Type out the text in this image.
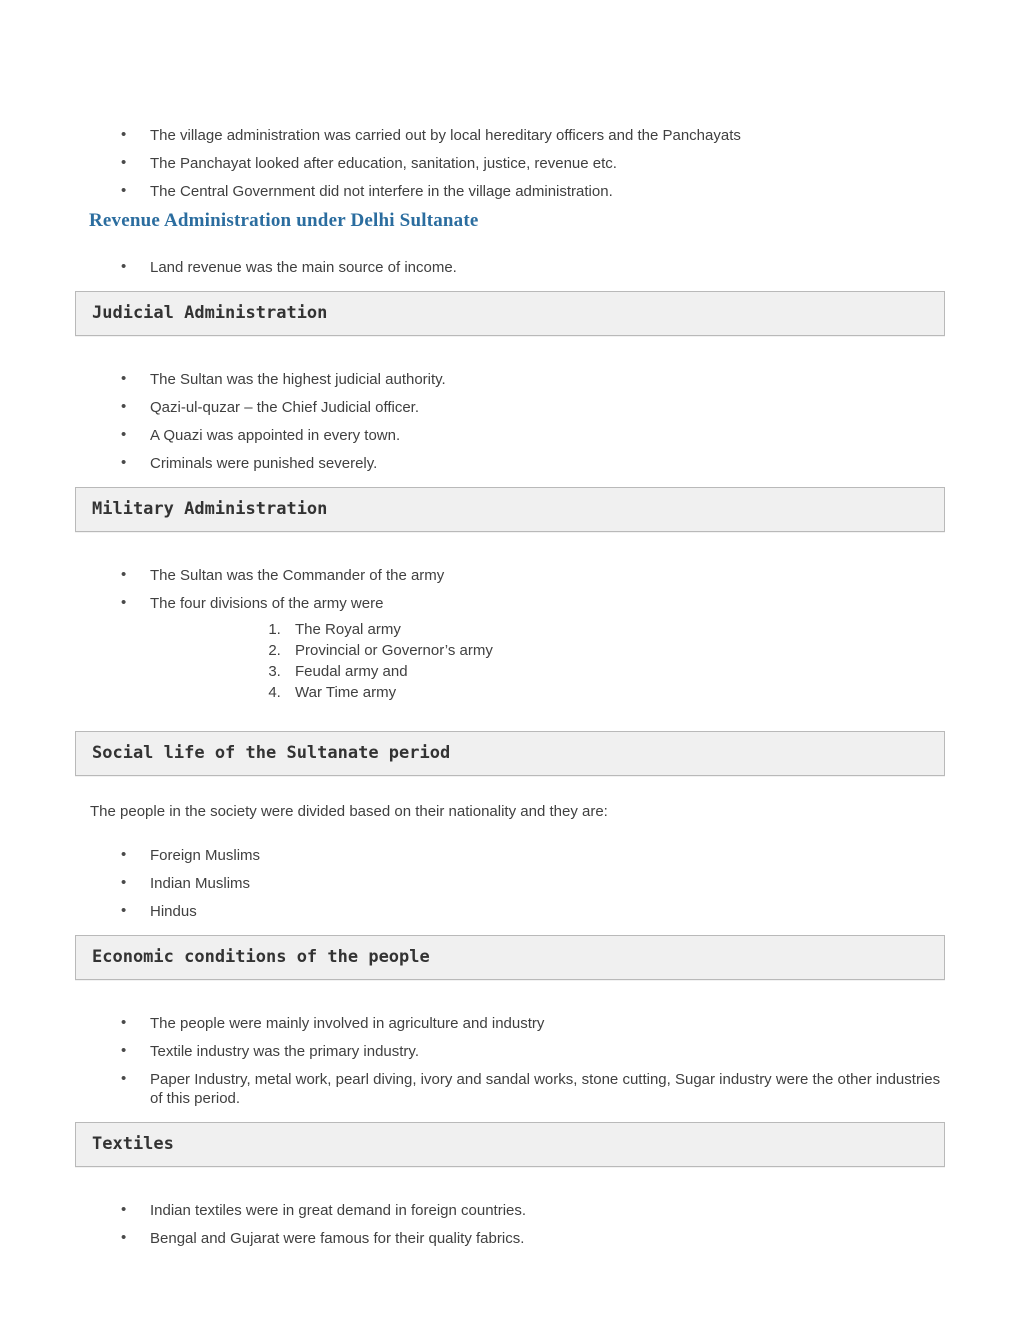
• The village administration was carried out by local hereditary officers and the Panchayats
• The Panchayat looked after education, sanitation, justice, revenue etc.
• The Central Government did not interfere in the village administration.
Revenue Administration under Delhi Sultanate
• Land revenue was the main source of income.
Judicial Administration
• The Sultan was the highest judicial authority.
• Qazi-ul-quzar – the Chief Judicial officer.
• A Quazi was appointed in every town.
• Criminals were punished severely.
Military Administration
• The Sultan was the Commander of the army
• The four divisions of the army were
1. The Royal army
2. Provincial or Governor’s army
3. Feudal army and
4. War Time army
Social life of the Sultanate period

The people in the society were divided based on their nationality and they are:

• Foreign Muslims
• Indian Muslims
• Hindus
Economic conditions of the people
• The people were mainly involved in agriculture and industry
• Textile industry was the primary industry.
• Paper Industry, metal work, pearl diving, ivory and sandal works, stone cutting, Sugar industry were the other industries of this period.
Textiles
• Indian textiles were in great demand in foreign countries.
• Bengal and Gujarat were famous for their quality fabrics.
